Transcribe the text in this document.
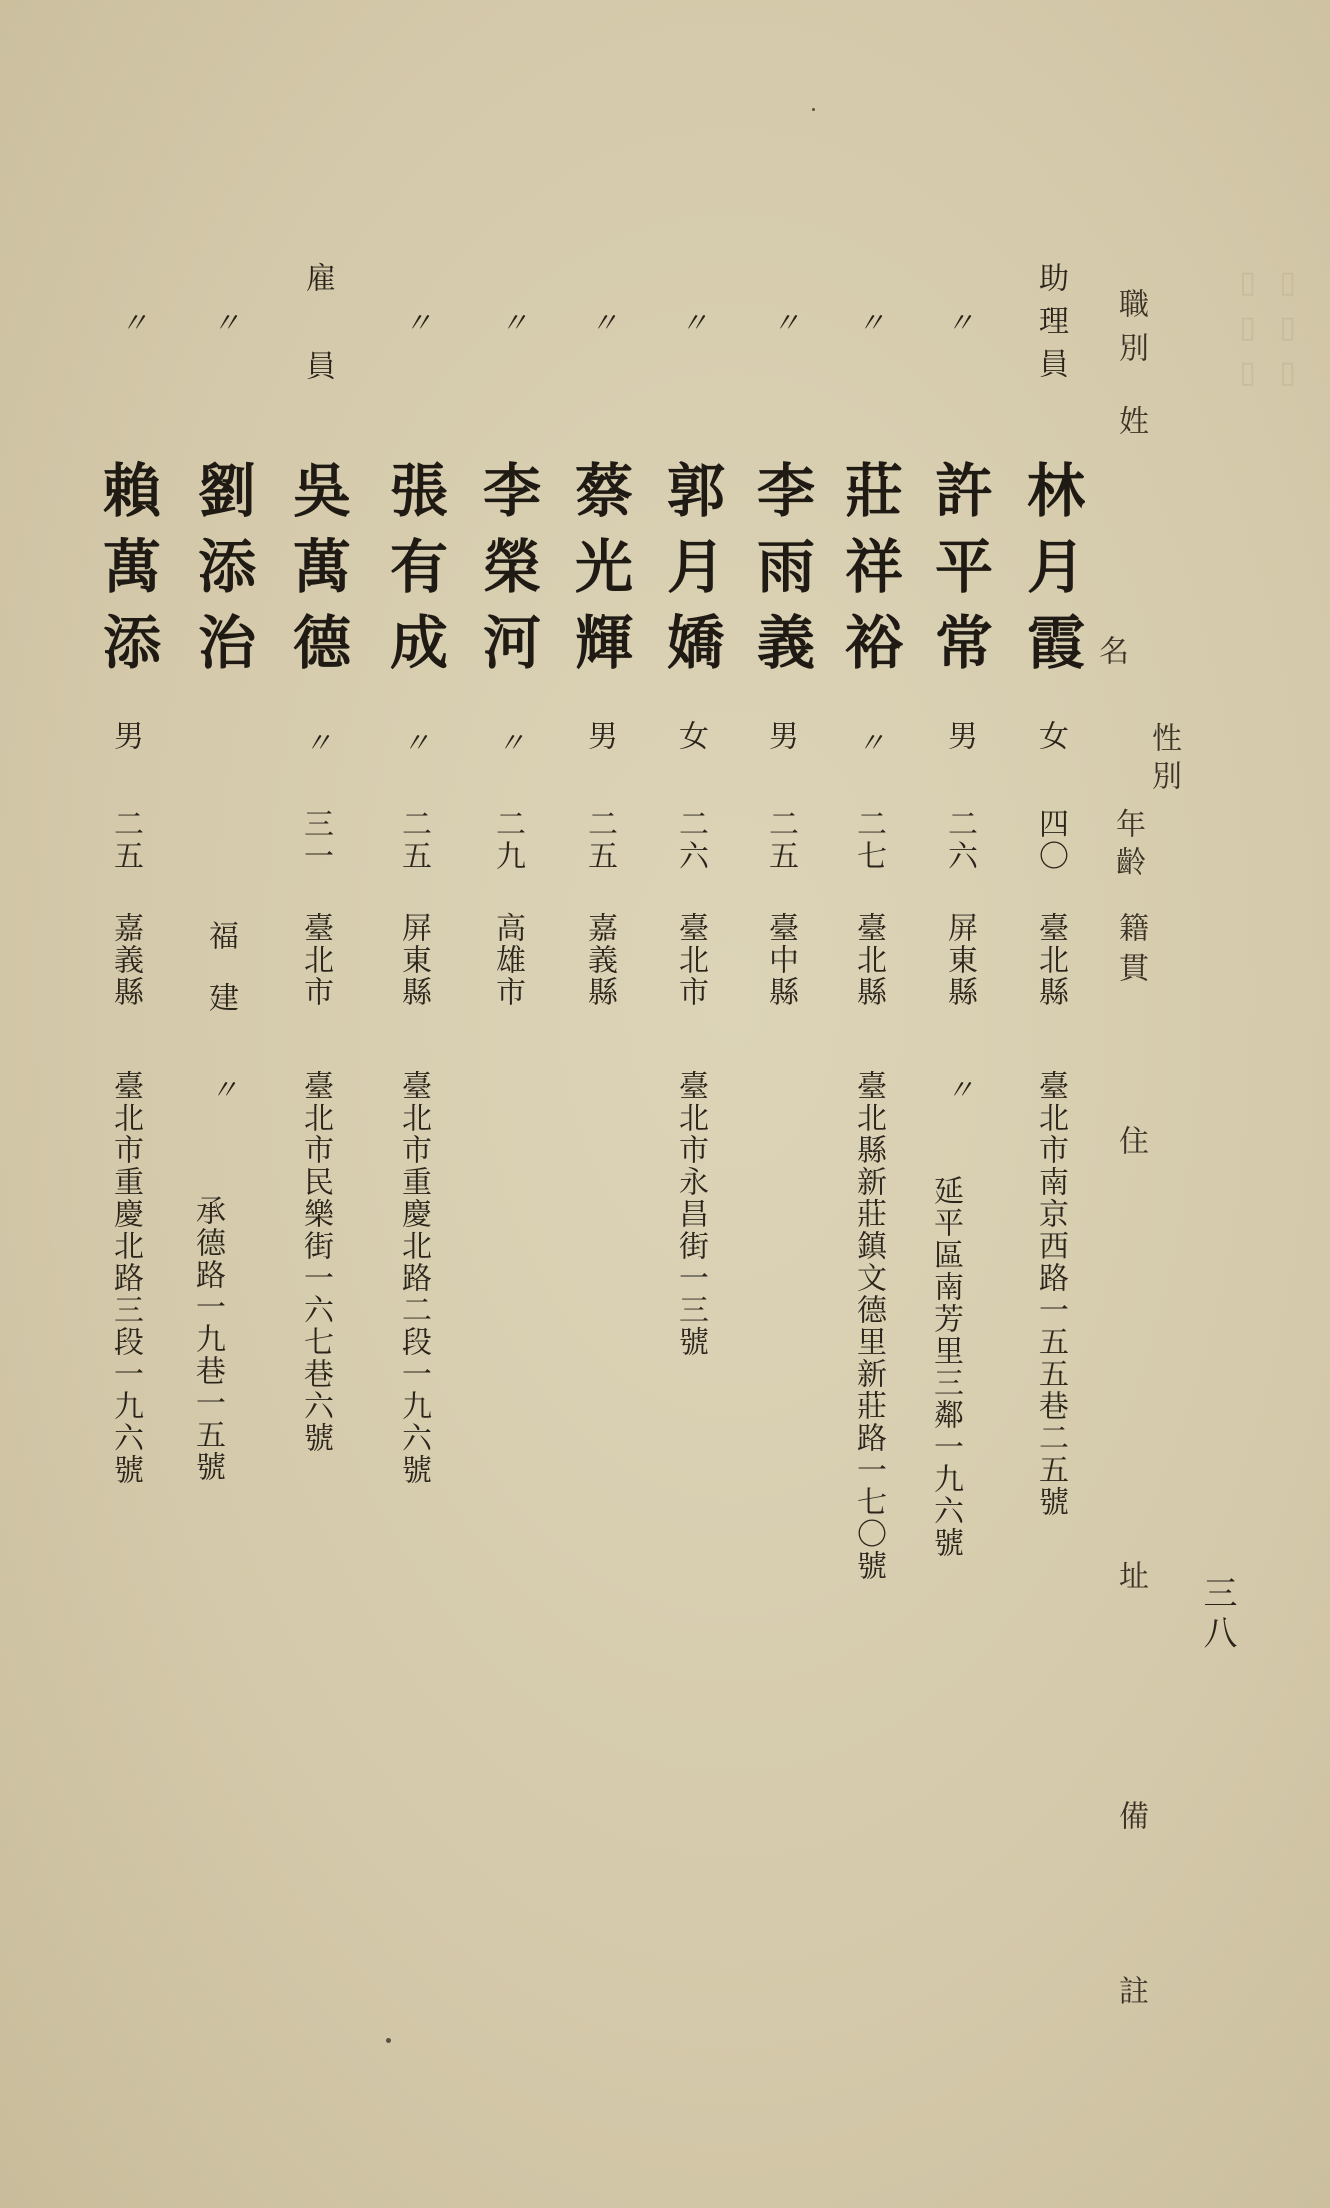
▯▯▯
▯▯▯
三八
職別
姓
名
性別
年齡
籍貫
住
址
備
註
助理員
林月霞
女
四〇
臺北縣
臺北市南京西路一五五巷二五號
〃
許平常
男
二六
屏東縣
〃
延平區南芳里三鄰一九六號
〃
莊祥裕
〃
二七
臺北縣
臺北縣新莊鎮文德里新莊路一七〇號
〃
李雨義
男
二五
臺中縣
〃
郭月嬌
女
二六
臺北市
臺北市永昌街一三號
〃
蔡光輝
男
二五
嘉義縣
〃
李榮河
〃
二九
高雄市
〃
張有成
〃
二五
屏東縣
臺北市重慶北路二段一九六號
雇員
吳萬德
〃
三一
臺北市
臺北市民樂街一六七巷六號
〃
劉添治
福建
〃
承德路一九巷一五號
〃
賴萬添
男
二五
嘉義縣
臺北市重慶北路三段一九六號
